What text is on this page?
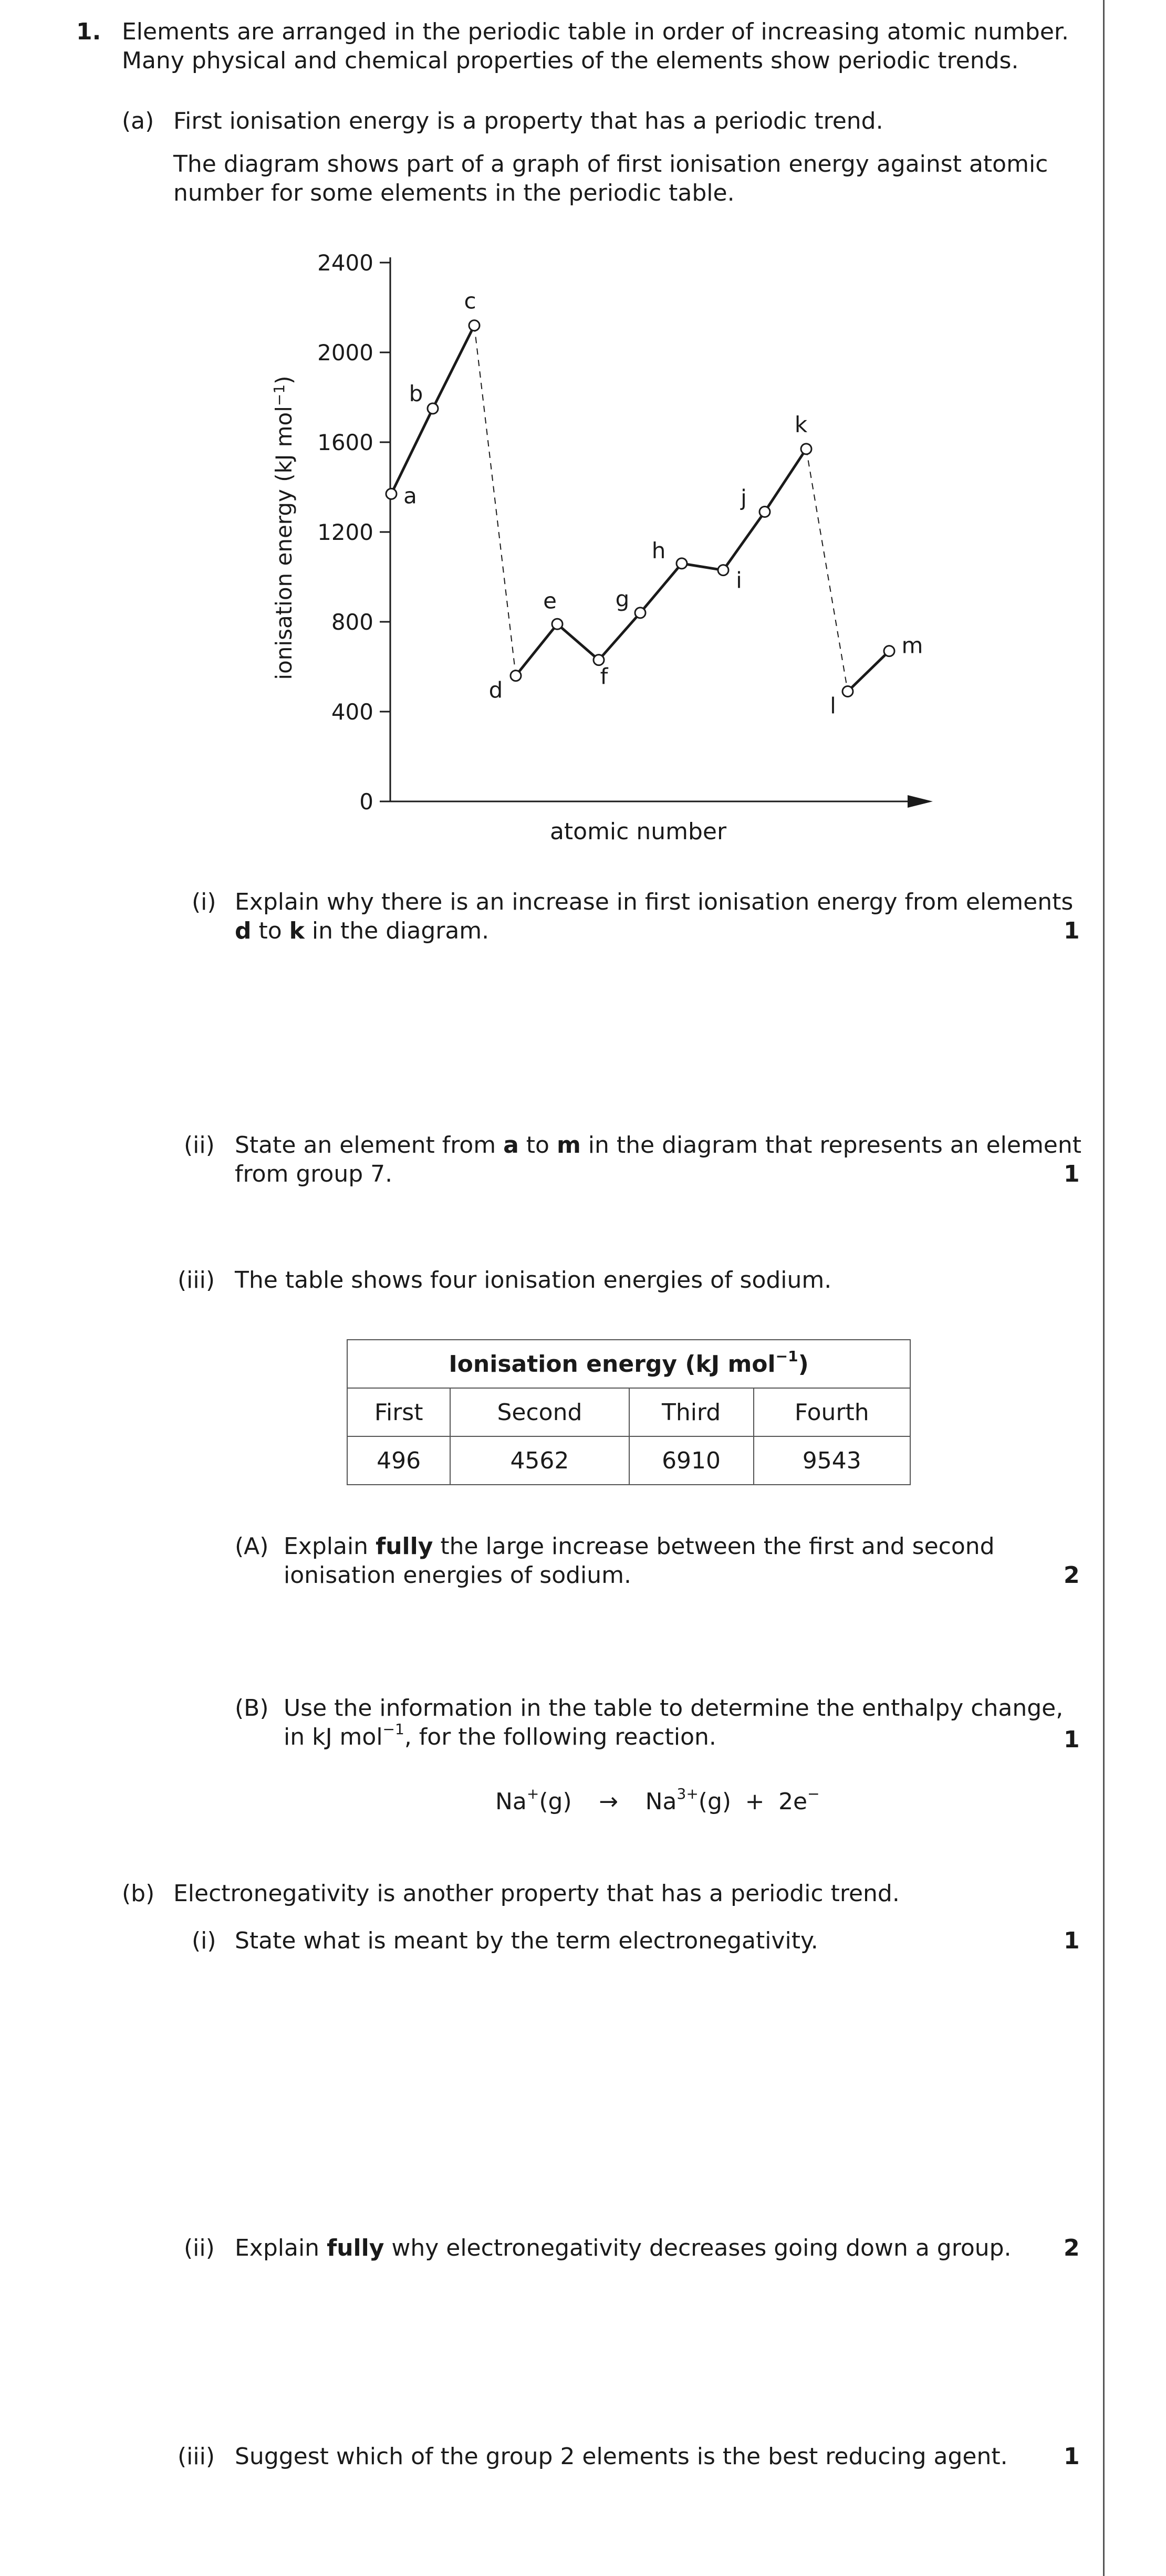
1. Elements are arranged in the periodic table in order of increasing atomic number.
Many physical and chemical properties of the elements show periodic trends.
(a) First ionisation energy is a property that has a periodic trend.
The diagram shows part of a graph of first ionisation energy against atomic
number for some elements in the periodic table.
0
400
800
1200
1600
2000
2400
a
b
c
d
e
f
g
h
i
j
k
l
m
atomic number
ionisation energy (kJ mol$^{-1}$)
(i) Explain why there is an increase in first ionisation energy from elements
d to k in the diagram.	1
(ii) State an element from a to m in the diagram that represents an element
from group 7.	1
(iii) The table shows four ionisation energies of sodium.
Ionisation energy (kJ mol$^{-1}$)			
First	Second	Third	Fourth
496	4562	6910	9543
(A) Explain fully the large increase between the first and second
ionisation energies of sodium.	2
(B) Use the information in the table to determine the enthalpy change,
in kJ mol$^{-1}$, for the following reaction.	1
$Na^+(g) \to Na^{3+}(g) + 2e^-$
(b) Electronegativity is another property that has a periodic trend.
(i) State what is meant by the term electronegativity.	1
(ii) Explain fully why electronegativity decreases going down a group. 2
(iii) Suggest which of the group 2 elements is the best reducing agent. 1
